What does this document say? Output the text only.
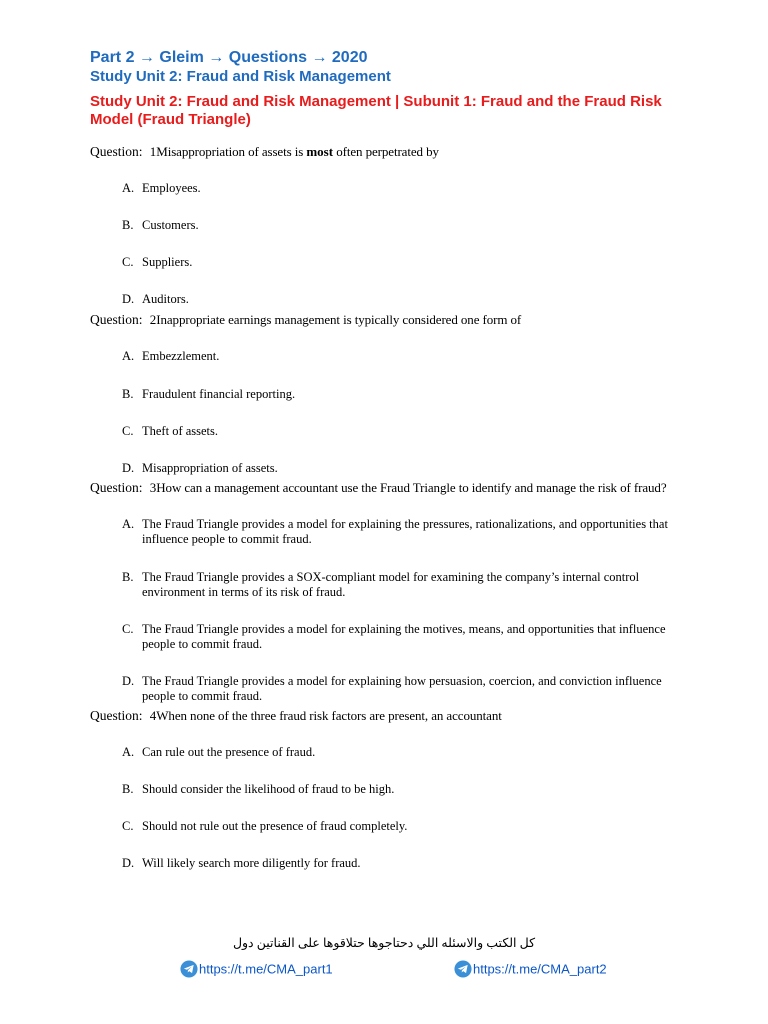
Part 2 → Gleim → Questions → 2020
Study Unit 2: Fraud and Risk Management
Study Unit 2: Fraud and Risk Management | Subunit 1: Fraud and the Fraud Risk Model (Fraud Triangle)
Question: 1Misappropriation of assets is most often perpetrated by
A. Employees.
B. Customers.
C. Suppliers.
D. Auditors.
Question: 2Inappropriate earnings management is typically considered one form of
A. Embezzlement.
B. Fraudulent financial reporting.
C. Theft of assets.
D. Misappropriation of assets.
Question: 3How can a management accountant use the Fraud Triangle to identify and manage the risk of fraud?
A. The Fraud Triangle provides a model for explaining the pressures, rationalizations, and opportunities that influence people to commit fraud.
B. The Fraud Triangle provides a SOX-compliant model for examining the company’s internal control environment in terms of its risk of fraud.
C. The Fraud Triangle provides a model for explaining the motives, means, and opportunities that influence people to commit fraud.
D. The Fraud Triangle provides a model for explaining how persuasion, coercion, and conviction influence people to commit fraud.
Question: 4When none of the three fraud risk factors are present, an accountant
A. Can rule out the presence of fraud.
B. Should consider the likelihood of fraud to be high.
C. Should not rule out the presence of fraud completely.
D. Will likely search more diligently for fraud.
كل الكتب والاسئله اللي دحتاجوها حتلاقوها على القناتين دول
https://t.me/CMA_part1	https://t.me/CMA_part2
